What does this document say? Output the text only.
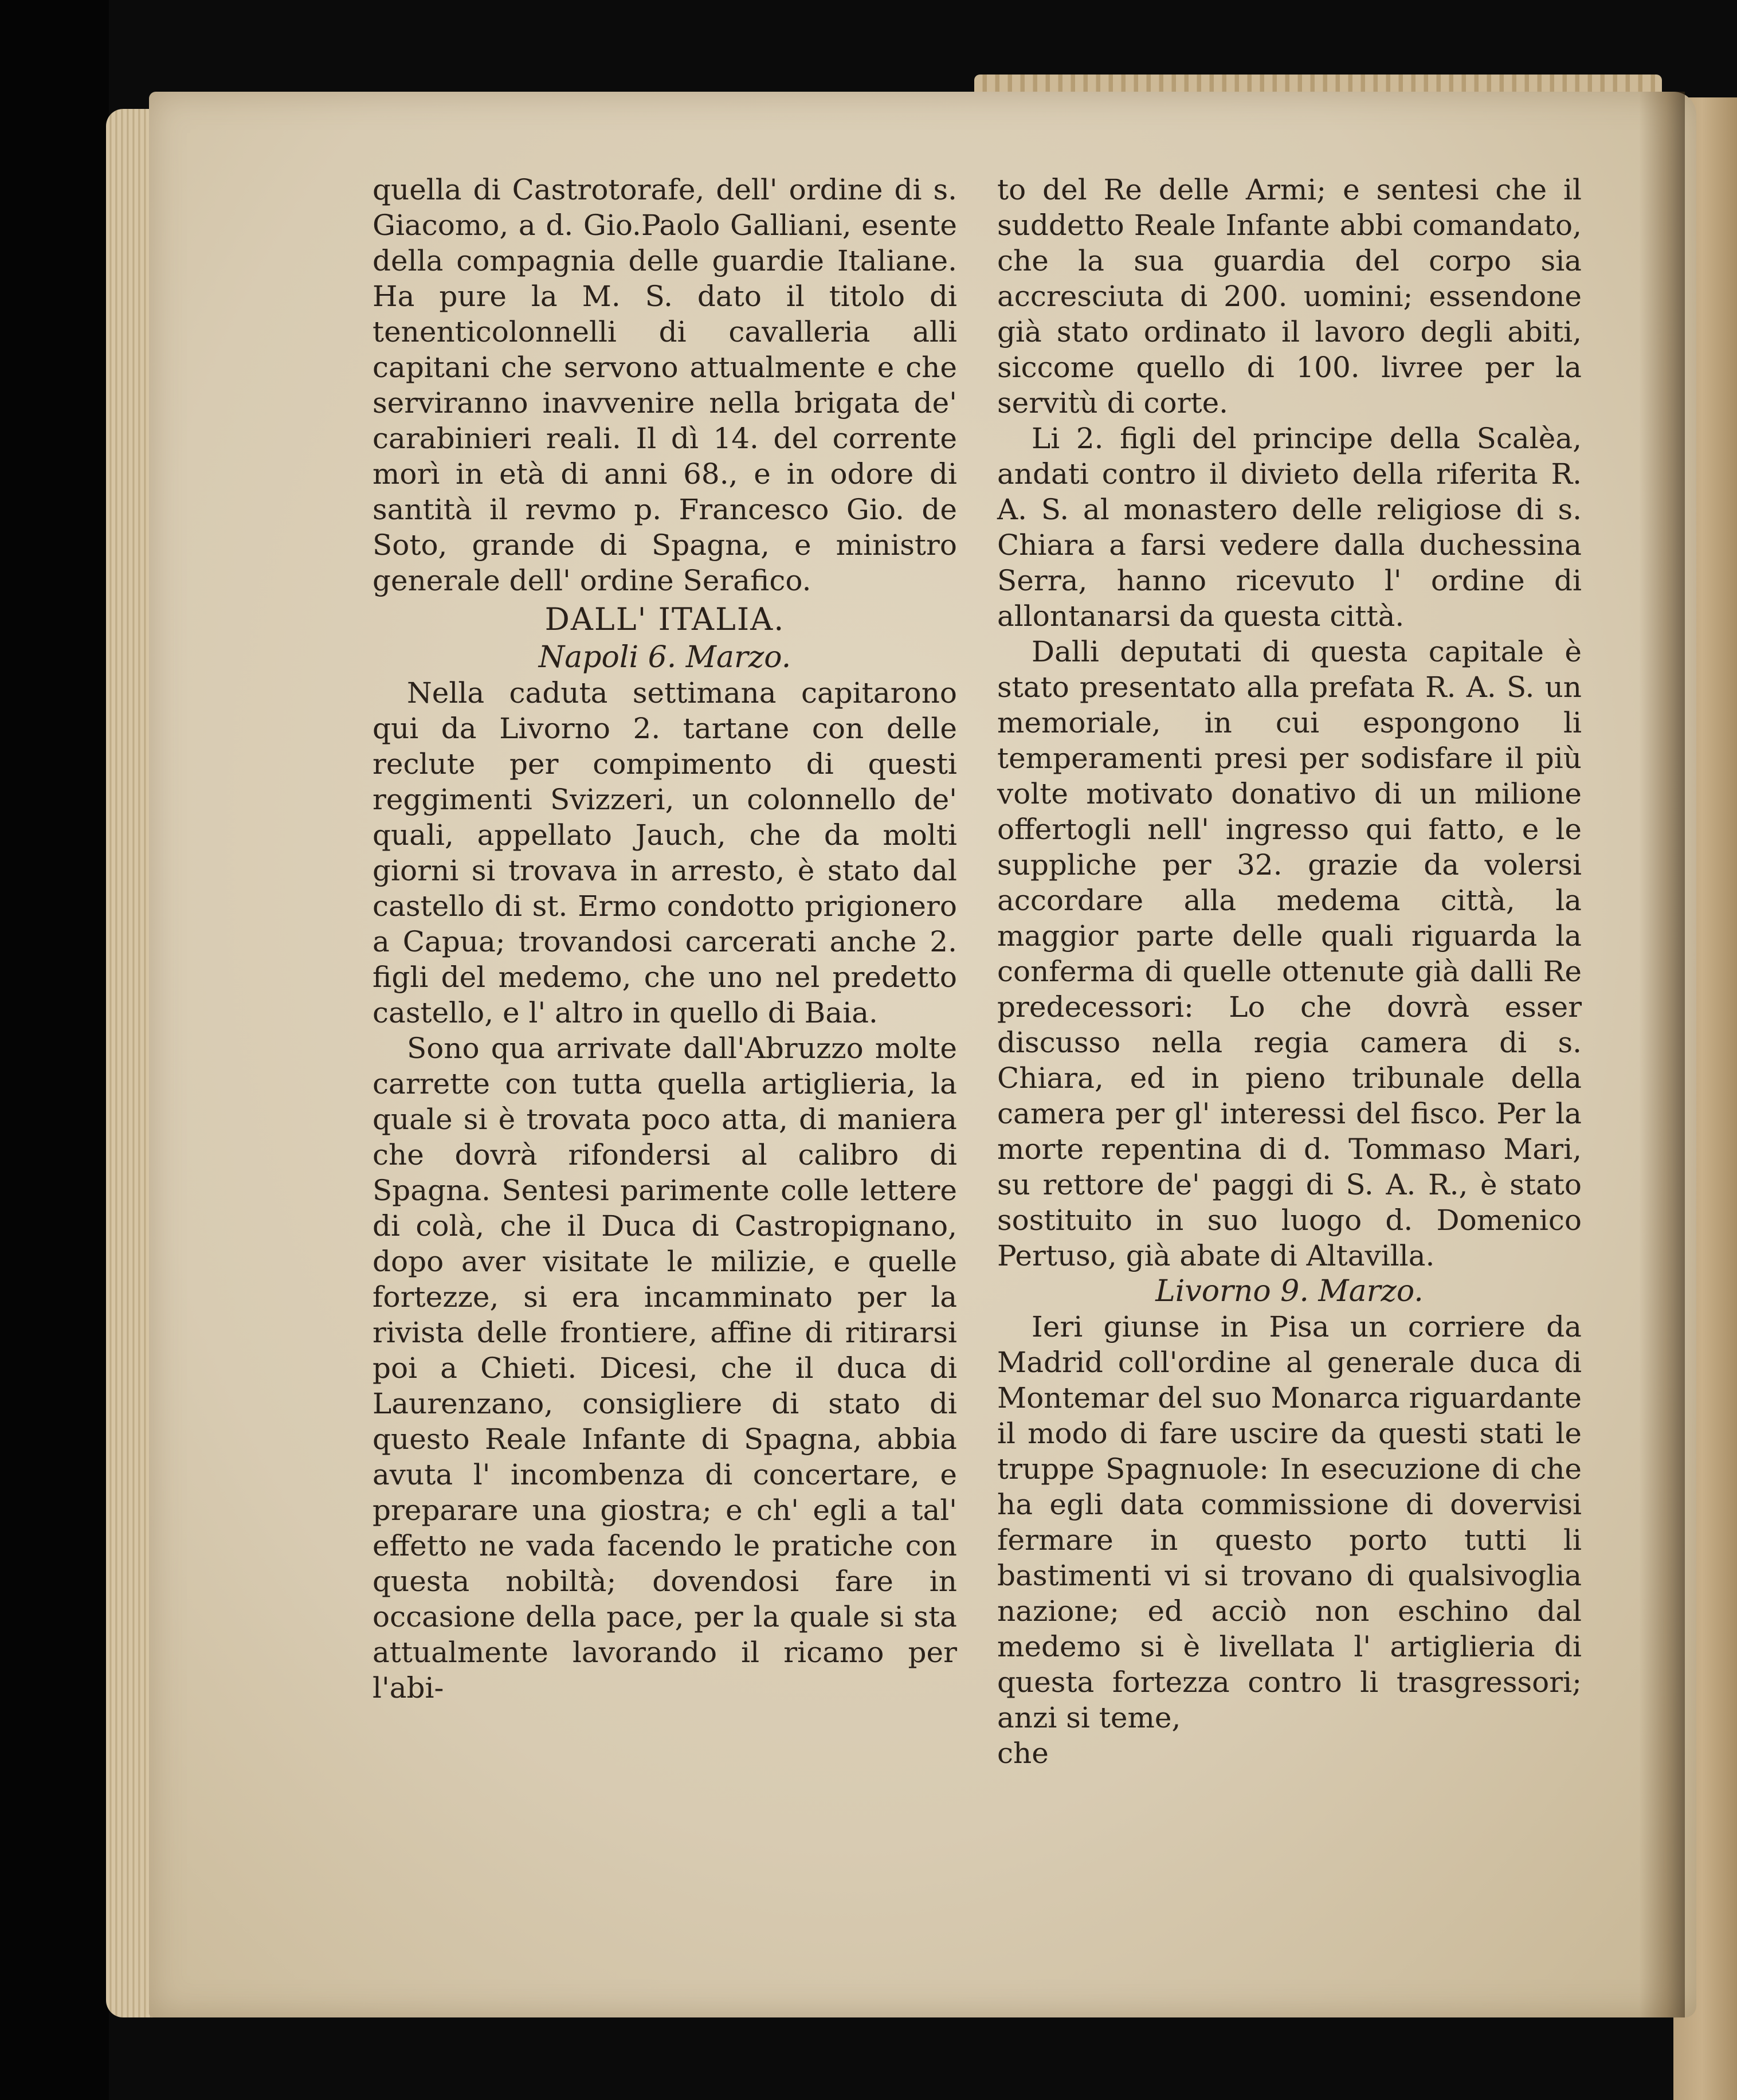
quella di Castrotorafe, dell' ordine di s. Giacomo, a d. Gio.Paolo Galliani, esente della compagnia delle guardie Italiane. Ha pure la M. S. dato il titolo di tenenticolonnelli di cavalleria alli capitani che servono attualmente e che serviranno inavvenire nella brigata de' carabinieri reali. Il dì 14. del corrente morì in età di anni 68., e in odore di santità il revmo p. Francesco Gio. de Soto, grande di Spagna, e ministro generale dell' ordine Serafico.

DALL' ITALIA.
Napoli 6. Marzo.

Nella caduta settimana capitarono qui da Livorno 2. tartane con delle reclute per compimento di questi reggimenti Svizzeri, un colonnello de' quali, appellato Jauch, che da molti giorni si trovava in arresto, è stato dal castello di st. Ermo condotto prigionero a Capua; trovandosi carcerati anche 2. figli del medemo, che uno nel predetto castello, e l' altro in quello di Baia.

Sono qua arrivate dall'Abruzzo molte carrette con tutta quella artiglieria, la quale si è trovata poco atta, di maniera che dovrà rifondersi al calibro di Spagna. Sentesi parimente colle lettere di colà, che il Duca di Castropignano, dopo aver visitate le milizie, e quelle fortezze, si era incamminato per la rivista delle frontiere, affine di ritirarsi poi a Chieti. Dicesi, che il duca di Laurenzano, consigliere di stato di questo Reale Infante di Spagna, abbia avuta l' incombenza di concertare, e preparare una giostra; e ch' egli a tal' effetto ne vada facendo le pratiche con questa nobiltà; dovendosi fare in occasione della pace, per la quale si sta attualmente lavorando il ricamo per l'abi-

to del Re delle Armi; e sentesi che il suddetto Reale Infante abbi comandato, che la sua guardia del corpo sia accresciuta di 200. uomini; essendone già stato ordinato il lavoro degli abiti, siccome quello di 100. livree per la servitù di corte.

Li 2. figli del principe della Scalèa, andati contro il divieto della riferita R. A. S. al monastero delle religiose di s. Chiara a farsi vedere dalla duchessina Serra, hanno ricevuto l' ordine di allontanarsi da questa città.

Dalli deputati di questa capitale è stato presentato alla prefata R. A. S. un memoriale, in cui espongono li temperamenti presi per sodisfare il più volte motivato donativo di un milione offertogli nell' ingresso qui fatto, e le suppliche per 32. grazie da volersi accordare alla medema città, la maggior parte delle quali riguarda la conferma di quelle ottenute già dalli Re predecessori: Lo che dovrà esser discusso nella regia camera di s. Chiara, ed in pieno tribunale della camera per gl' interessi del fisco. Per la morte repentina di d. Tommaso Mari, su rettore de' paggi di S. A. R., è stato sostituito in suo luogo d. Domenico Pertuso, già abate di Altavilla.

Livorno 9. Marzo.

Ieri giunse in Pisa un corriere da Madrid coll'ordine al generale duca di Montemar del suo Monarca riguardante il modo di fare uscire da questi stati le truppe Spagnuole: In esecuzione di che ha egli data commissione di dovervisi fermare in questo porto tutti li bastimenti vi si trovano di qualsivoglia nazione; ed acciò non eschino dal medemo si è livellata l' artiglieria di questa fortezza contro li trasgressori; anzi si teme,

che
